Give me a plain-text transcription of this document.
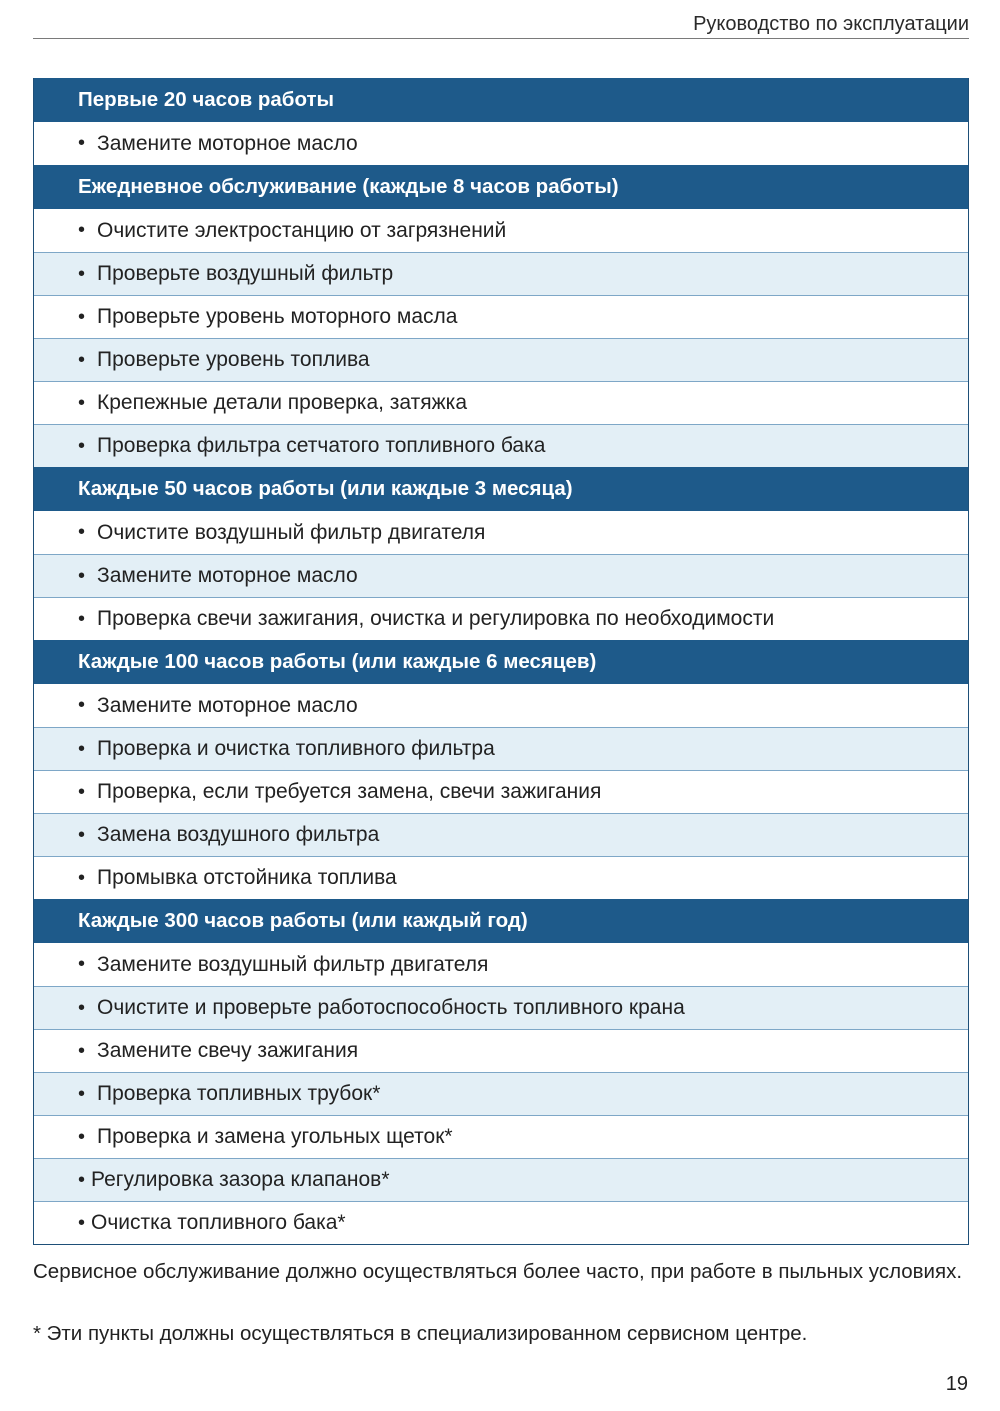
Руководство по эксплуатации
Первые 20 часов работы
• Замените моторное масло
Ежедневное обслуживание (каждые 8 часов работы)
• Очистите электростанцию от загрязнений
• Проверьте воздушный фильтр
• Проверьте уровень моторного масла
• Проверьте уровень топлива
• Крепежные детали проверка, затяжка
• Проверка фильтра сетчатого топливного бака
Каждые 50 часов работы (или каждые 3 месяца)
• Очистите воздушный фильтр двигателя
• Замените моторное масло
• Проверка свечи зажигания, очистка и регулировка по необходимости
Каждые 100 часов работы (или каждые 6 месяцев)
• Замените моторное масло
• Проверка и очистка топливного фильтра
• Проверка, если требуется замена, свечи зажигания
• Замена воздушного фильтра
• Промывка отстойника топлива
Каждые 300 часов работы (или каждый год)
• Замените воздушный фильтр двигателя
• Очистите и проверьте работоспособность топливного крана
• Замените свечу зажигания
• Проверка топливных трубок*
• Проверка и замена угольных щеток*
• Регулировка зазора клапанов*
• Очистка топливного бака*
Сервисное обслуживание должно осуществляться более часто, при работе в пыльных условиях.
* Эти пункты должны осуществляться в специализированном сервисном центре.
19
